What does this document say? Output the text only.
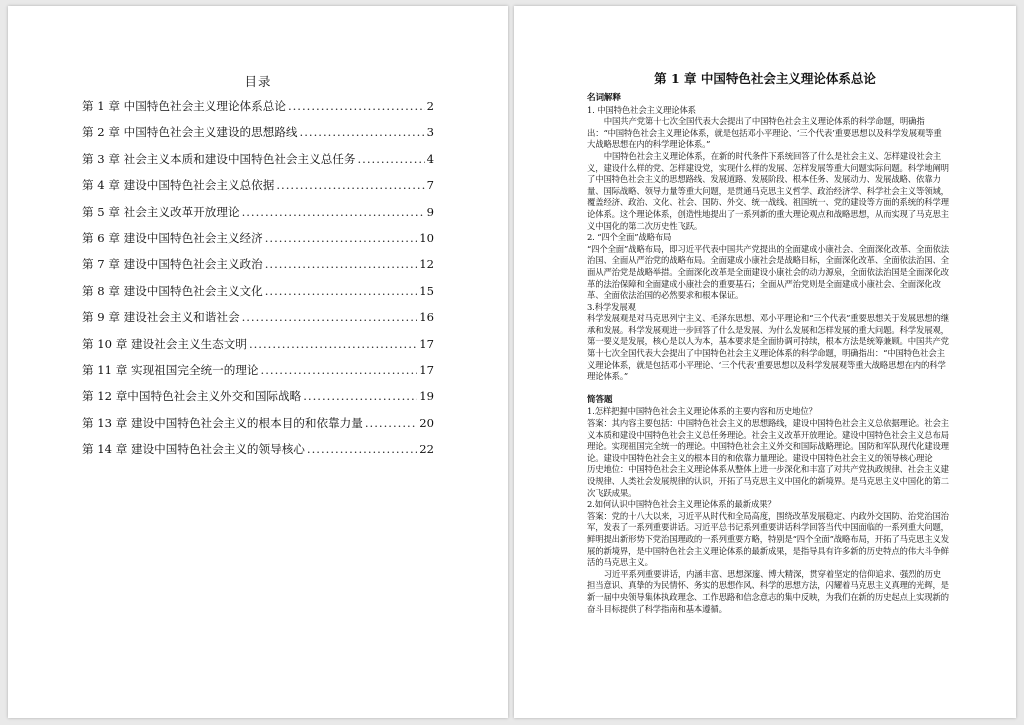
目录
第 1 章 中国特色社会主义理论体系总论 .....	2
第 2 章 中国特色社会主义建设的思想路线 .....	3
第 3 章 社会主义本质和建设中国特色社会主义总任务 .....	4
第 4 章 建设中国特色社会主义总依据 .....	7
第 5 章 社会主义改革开放理论 .....	9
第 6 章 建设中国特色社会主义经济 .....	10
第 7 章 建设中国特色社会主义政治 .....	12
第 8 章 建设中国特色社会主义文化 .....	15
第 9 章 建设社会主义和谐社会 .....	16
第 10 章 建设社会主义生态文明 .....	17
第 11 章 实现祖国完全统一的理论 .....	17
第 12 章中国特色社会主义外交和国际战略 .....	19
第 13 章 建设中国特色社会主义的根本目的和依靠力量 .....	20
第 14 章 建设中国特色社会主义的领导核心 .....	22
第 1 章 中国特色社会主义理论体系总论
名词解释

1. 中国特色社会主义理论体系

中国共产党第十七次全国代表大会提出了中国特色社会主义理论体系的科学命题，明确指出：“中国特色社会主义理论体系，就是包括邓小平理论、‘三个代表’重要思想以及科学发展观等重大战略思想在内的科学理论体系。”

中国特色社会主义理论体系，在新的时代条件下系统回答了什么是社会主义、怎样建设社会主义，建设什么样的党、怎样建设党，实现什么样的发展、怎样发展等重大问题实际问题。科学地阐明了中国特色社会主义的思想路线、发展道路、发展阶段、根本任务、发展动力、发展战略、依靠力量、国际战略、领导力量等重大问题，是贯通马克思主义哲学、政治经济学、科学社会主义等领域，覆盖经济、政治、文化、社会、国防、外交、统一战线、祖国统一、党的建设等方面的系统的科学理论体系。这个理论体系，创造性地提出了一系列新的重大理论观点和战略思想，从而实现了马克思主义中国化的第二次历史性飞跃。

2. “四个全面”战略布局

“四个全面”战略布局，即习近平代表中国共产党提出的全面建成小康社会、全面深化改革、全面依法治国、全面从严治党的战略布局。全面建成小康社会是战略目标，全面深化改革、全面依法治国、全面从严治党是战略举措。全面深化改革是全面建设小康社会的动力源泉，全面依法治国是全面深化改革的法治保障和全面建成小康社会的重要基石；全面从严治党则是全面建成小康社会、全面深化改革、全面依法治国的必然要求和根本保证。

3.科学发展观

科学发展观是对马克思列宁主义、毛泽东思想、邓小平理论和“三个代表”重要思想关于发展思想的继承和发展。科学发展观进一步回答了什么是发展、为什么发展和怎样发展的重大问题。科学发展观，第一要义是发展，核心是以人为本，基本要求是全面协调可持续，根本方法是统筹兼顾。中国共产党第十七次全国代表大会提出了中国特色社会主义理论体系的科学命题，明确指出：“中国特色社会主义理论体系，就是包括邓小平理论、‘三个代表’重要思想以及科学发展观等重大战略思想在内的科学理论体系。”

简答题

1.怎样把握中国特色社会主义理论体系的主要内容和历史地位？

答案：其内容主要包括：中国特色社会主义的思想路线，建设中国特色社会主义总依据理论。社会主义本质和建设中国特色社会主义总任务理论。社会主义改革开放理论。建设中国特色社会主义总布局理论。实现祖国完全统一的理论。中国特色社会主义外交和国际战略理论。国防和军队现代化建设理论。建设中国特色社会主义的根本目的和依靠力量理论。建设中国特色社会主义的领导核心理论

历史地位：中国特色社会主义理论体系从整体上进一步深化和丰富了对共产党执政规律、社会主义建设规律、人类社会发展规律的认识，开拓了马克思主义中国化的新境界。是马克思主义中国化的第二次飞跃成果。

2.如何认识中国特色社会主义理论体系的最新成果？

答案：党的十八大以来，习近平从时代和全局高度，围绕改革发展稳定、内政外交国防、治党治国治军，发表了一系列重要讲话。习近平总书记系列重要讲话科学回答当代中国面临的一系列重大问题，鲜明提出新形势下党治国理政的一系列重要方略，特别是“四个全面”战略布局，开拓了马克思主义发展的新境界，是中国特色社会主义理论体系的最新成果，是指导具有许多新的历史特点的伟大斗争鲜活的马克思主义。

习近平系列重要讲话，内涵丰富、思想深邃、博大精深，贯穿着坚定的信仰追求、强烈的历史担当意识、真挚的为民情怀、务实的思想作风、科学的思想方法，闪耀着马克思主义真理的光辉，是新一届中央领导集体执政理念、工作思路和信念意志的集中反映，为我们在新的历史起点上实现新的奋斗目标提供了科学指南和基本遵循。
